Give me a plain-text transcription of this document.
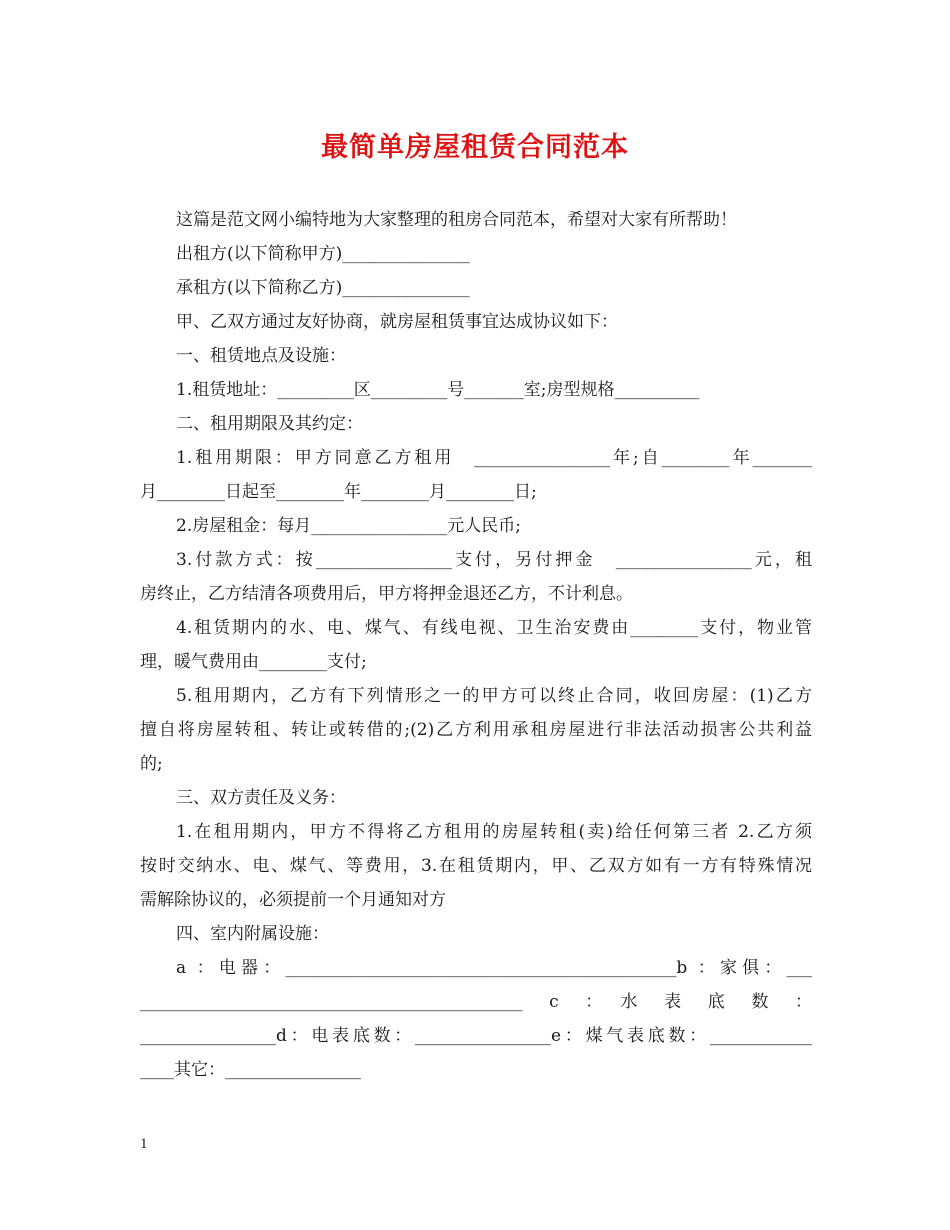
最简单房屋租赁合同范本
这篇是范文网小编特地为大家整理的租房合同范本，希望对大家有所帮助！
出租方(以下简称甲方)_______________
承租方(以下简称乙方)_______________
甲、乙双方通过友好协商，就房屋租赁事宜达成协议如下：
一、租赁地点及设施：
1.租赁地址：_________区_________号_______室;房型规格__________
二、租用期限及其约定：
1.租用期限：甲方同意乙方租用　________________年;自________年_______
月________日起至________年________月________日;
2.房屋租金：每月________________元人民币;
3.付款方式：按________________支付，另付押金　________________元，租
房终止，乙方结清各项费用后，甲方将押金退还乙方，不计利息。
4.租赁期内的水、电、煤气、有线电视、卫生治安费由________支付，物业管
理，暖气费用由________支付;
5.租用期内，乙方有下列情形之一的甲方可以终止合同，收回房屋：(1)乙方
擅自将房屋转租、转让或转借的;(2)乙方利用承租房屋进行非法活动损害公共利益
的;
三、双方责任及义务：
1.在租用期内，甲方不得将乙方租用的房屋转租(卖)给任何第三者 2.乙方须
按时交纳水、电、煤气、等费用，3.在租赁期内，甲、乙双方如有一方有特殊情况
需解除协议的，必须提前一个月通知对方
四、室内附属设施：
a ：电器：______________________________________________b ：家俱：___
_____________________________________________　c　：　水　表　底　数　：
________________d：电表底数：________________e：煤气表底数：____________
____其它：________________
1
